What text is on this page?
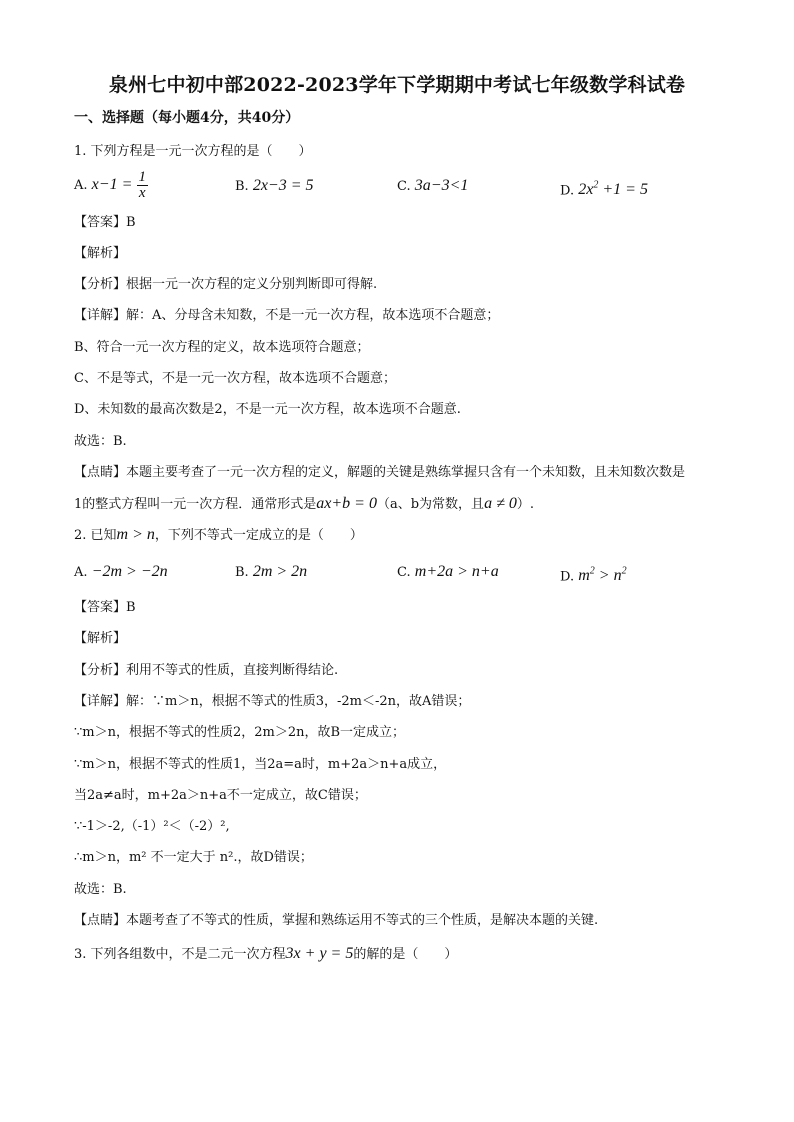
泉州七中初中部2022-2023学年下学期期中考试七年级数学科试卷
一、选择题（每小题4分，共40分）
1. 下列方程是一元一次方程的是（　　）
A. $x-1 = \frac{1}{x}$	B. 2x−3 = 5	C. 3a−3<1	D. $2x^2 +1 = 5$
【答案】B
【解析】
【分析】根据一元一次方程的定义分别判断即可得解.
【详解】解：A、分母含未知数，不是一元一次方程，故本选项不合题意；
B、符合一元一次方程的定义，故本选项符合题意；
C、不是等式，不是一元一次方程，故本选项不合题意；
D、未知数的最高次数是2，不是一元一次方程，故本选项不合题意.
故选：B.
【点睛】本题主要考查了一元一次方程的定义，解题的关键是熟练掌握只含有一个未知数，且未知数次数是
1的整式方程叫一元一次方程．通常形式是ax+b = 0（a、b为常数，且a ≠ 0）.
2. 已知m > n，下列不等式一定成立的是（　　）
A. −2m > −2n	B. 2m > 2n	C. m+2a > n+a	D. $m^2 > n^2$
【答案】B
【解析】
【分析】利用不等式的性质，直接判断得结论.
【详解】解：∵m＞n，根据不等式的性质3，-2m＜-2n，故A错误；
∵m＞n，根据不等式的性质2，2m＞2n，故B一定成立；
∵m＞n，根据不等式的性质1，当2a=a时，m+2a＞n+a成立，
当2a≠a时，m+2a＞n+a不一定成立，故C错误；
∵-1＞-2,（-1）²＜（-2）²,
∴m＞n，m² 不一定大于 n².，故D错误；
故选：B.
【点睛】本题考查了不等式的性质，掌握和熟练运用不等式的三个性质，是解决本题的关键.
3. 下列各组数中，不是二元一次方程3x + y = 5的解的是（　　）
